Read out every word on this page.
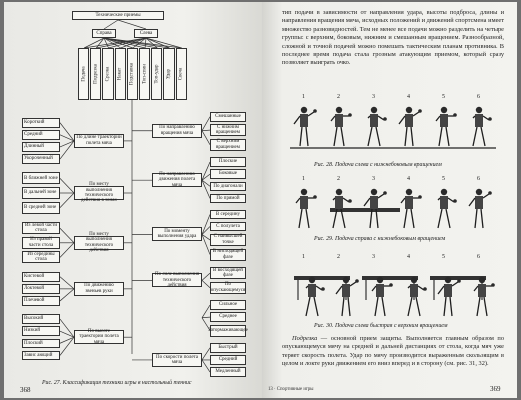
Технические приемы
Справа	Слева
Подача Подрезка Срезка Накат Подставка Топ-спин Топ-удар Удар Свеча
Короткий
Средний
Длинный
Укороченный
В ближней зоне
В дальней зоне
В средней зоне
Из левой части стола
Из правой части стола
Из середины стола
Кистевой
Локтевой
Плечевой
Высокий
Низкий
Плоский
Завис ающий
По длине траектории полета мяча
По месту выполнения технического действия в зонах
По месту выполнения технического действия
По движению звеньев руки
По высоте траектории полета мяча
По направлению вращения мяча
По направлению движения полета мяча
По моменту выполнения удара
По силе выполнения технического действия
По скорости полета мяча
Смешанные
С нижним вращением
С верхним вращением
Плоские
Боковые
По диагонали
По прямой
В середину
С полулета
С наивысшей точке
В нисходящей фазе
В восходящей фазе
По опускающемуся
Сильное
Среднее
Затормаживающее
Быстрый
Средний
Медленный
Рис. 27. Классификация техники игры в настольный теннис
368
тип подачи в зависимости от направления удара, высоты подброса, длины и направления вращения мяча, исходных положений и движений спортсмена имеет множество разновидностей. Тем не менее все подачи можно разделить на четыре группы: с верхним, боковым, нижним и смешанным вращением. Разнообразной, сложной и точной подачей можно помешать тактическим планам противника. В последнее время подача стала грозным атакующим приемом, который сразу позволяет выиграть очко.
Рис. 28. Подача слева с нижнебоковым вращением
Рис. 29. Подача справа с нижнебоковым вращением
Рис. 30. Подача слева быстрая с верхним вращением
Подрезка — основной прием защиты. Выполняется главным образом по опускающемуся мячу на средней и дальней дистанциях от стола, когда мяч уже теряет скорость полета. Удар по мячу производится выраженным скользящим в целом и локте руки движением его вниз вперед и в сторону (см. рис. 31, 32).
13 · Спортивные игры	369
1	2	3	4	5	6
1	2	3	4	5	6
1	2	3	4	5	6
